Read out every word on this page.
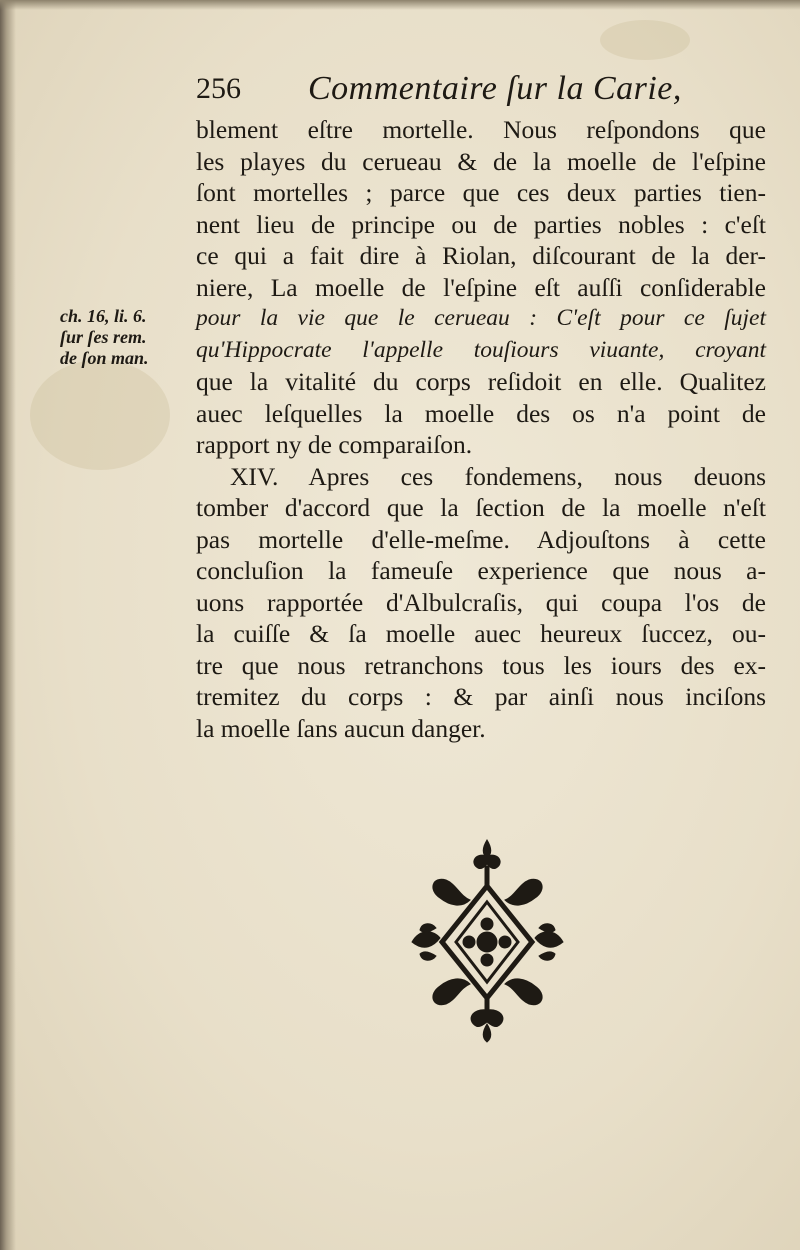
256 Commentaire ſur la Carie,
ch. 16, li. 6.
ſur ſes rem.
de ſon man.
blement eſtre mortelle. Nous reſpondons que
les playes du cerueau & de la moelle de l'eſpine
ſont mortelles ; parce que ces deux parties tien-
nent lieu de principe ou de parties nobles : c'eſt
ce qui a fait dire à Riolan, diſcourant de la der-
niere, La moelle de l'eſpine eſt auſſi conſiderable
pour la vie que le cerueau : C'eſt pour ce ſujet
qu'Hippocrate l'appelle touſiours viuante, croyant
que la vitalité du corps reſidoit en elle. Qualitez
auec leſquelles la moelle des os n'a point de
rapport ny de comparaiſon.
XIV. Apres ces fondemens, nous deuons
tomber d'accord que la ſection de la moelle n'eſt
pas mortelle d'elle-meſme. Adjouſtons à cette
concluſion la fameuſe experience que nous a-
uons rapportée d'Albulcraſis, qui coupa l'os de
la cuiſſe & ſa moelle auec heureux ſuccez, ou-
tre que nous retranchons tous les iours des ex-
tremitez du corps : & par ainſi nous inciſons
la moelle ſans aucun danger.
